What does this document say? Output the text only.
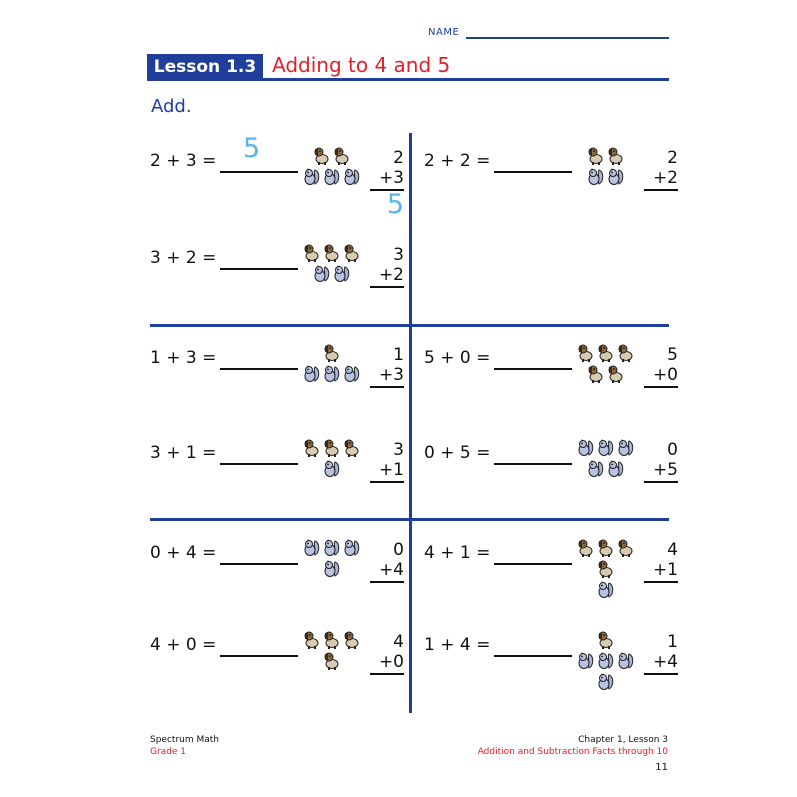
NAME
Lesson 1.3 Adding to 4 and 5
Add.
2 + 3 = 5	2
+3
5
2 + 2 =	2
+2
3 + 2 =	3
+2
1 + 3 =	1
+3
5 + 0 =	5
+0
3 + 1 =	3
+1
0 + 5 =	0
+5
0 + 4 =	0
+4
4 + 1 =	4
+1
4 + 0 =	4
+0
1 + 4 =	1
+4
Spectrum Math
Grade 1
Chapter 1, Lesson 3
Addition and Subtraction Facts through 10
11
